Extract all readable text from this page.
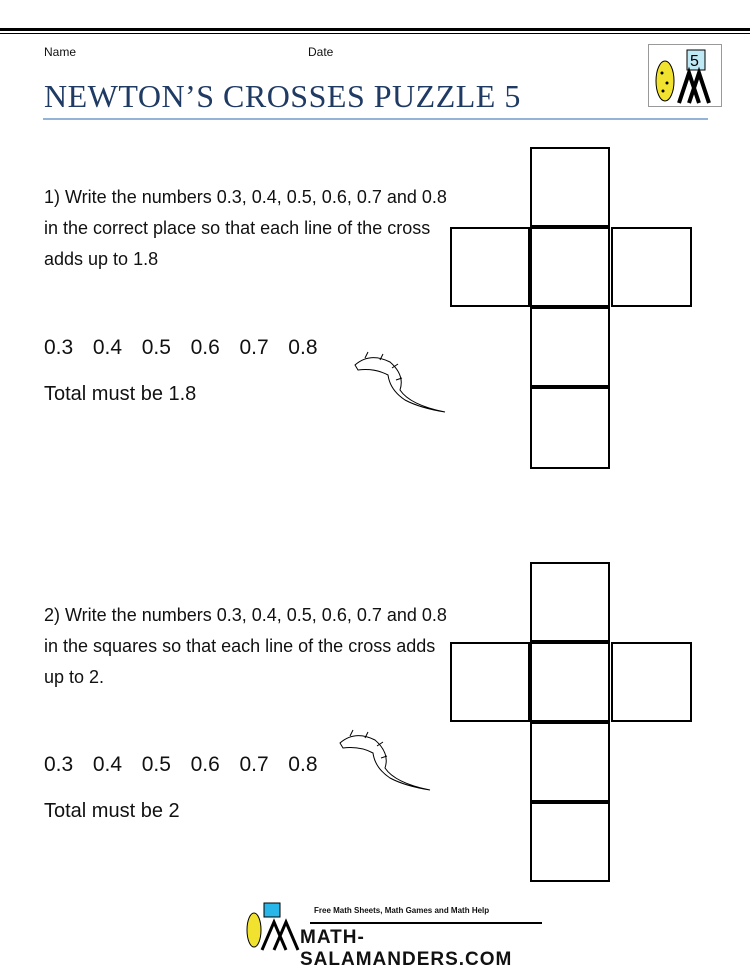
Name	Date
NEWTON’S CROSSES PUZZLE 5
5
1) Write the numbers 0.3, 0.4, 0.5, 0.6, 0.7 and 0.8 in the correct place so that each line of the cross adds up to 1.8
0.3  0.4  0.5  0.6  0.7  0.8
Total must be 1.8
2) Write the numbers 0.3, 0.4, 0.5, 0.6, 0.7 and 0.8 in the squares so that each line of the cross adds up to 2.
0.3  0.4  0.5  0.6  0.7  0.8
Total must be 2
Free Math Sheets, Math Games and Math Help
MATH-SALAMANDERS.COM
